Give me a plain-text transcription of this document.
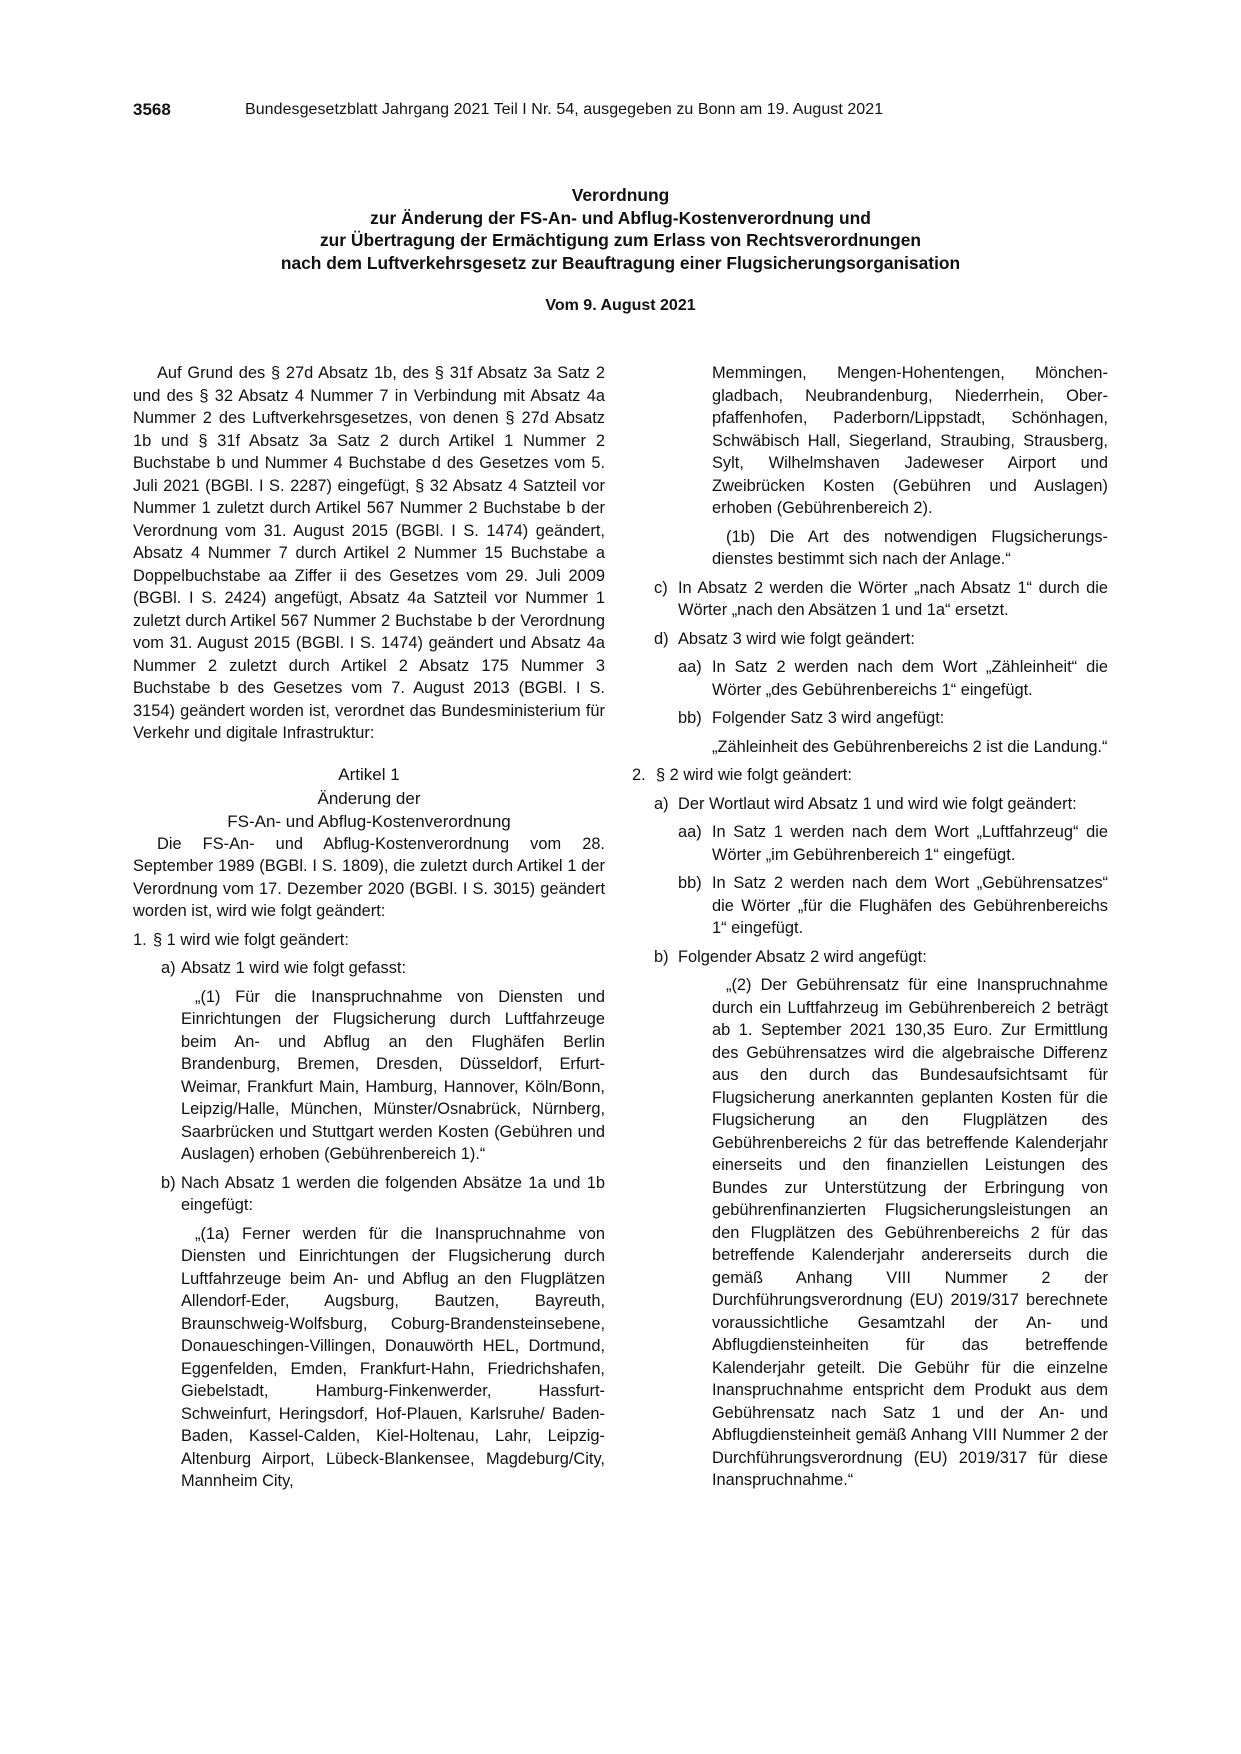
3568	Bundesgesetzblatt Jahrgang 2021 Teil I Nr. 54, ausgegeben zu Bonn am 19. August 2021
Verordnung
zur Änderung der FS-An- und Abflug-Kostenverordnung und
zur Übertragung der Ermächtigung zum Erlass von Rechtsverordnungen
nach dem Luftverkehrsgesetz zur Beauftragung einer Flugsicherungsorganisation
Vom 9. August 2021

Auf Grund des § 27d Absatz 1b, des § 31f Absatz 3a Satz 2 und des § 32 Absatz 4 Nummer 7 in Verbindung mit Absatz 4a Nummer 2 des Luftverkehrsgesetzes, von denen § 27d Absatz 1b und § 31f Absatz 3a Satz 2 durch Artikel 1 Nummer 2 Buchstabe b und Nummer 4 Buchstabe d des Gesetzes vom 5. Juli 2021 (BGBl. I S. 2287) eingefügt, § 32 Absatz 4 Satzteil vor Nummer 1 zuletzt durch Artikel 567 Nummer 2 Buchstabe b der Verordnung vom 31. August 2015 (BGBl. I S. 1474) geändert, Absatz 4 Nummer 7 durch Artikel 2 Nummer 15 Buchstabe a Doppelbuchstabe aa Ziffer ii des Gesetzes vom 29. Juli 2009 (BGBl. I S. 2424) angefügt, Absatz 4a Satzteil vor Nummer 1 zuletzt durch Artikel 567 Nummer 2 Buchstabe b der Verordnung vom 31. August 2015 (BGBl. I S. 1474) geändert und Absatz 4a Nummer 2 zuletzt durch Artikel 2 Absatz 175 Nummer 3 Buchstabe b des Gesetzes vom 7. August 2013 (BGBl. I S. 3154) geändert worden ist, verordnet das Bundesministerium für Verkehr und digitale Infrastruktur:

Artikel 1

Änderung der

FS-An- und Abflug-Kostenverordnung

Die FS-An- und Abflug-Kostenverordnung vom 28. September 1989 (BGBl. I S. 1809), die zuletzt durch Artikel 1 der Verordnung vom 17. Dezember 2020 (BGBl. I S. 3015) geändert worden ist, wird wie folgt geändert:

1. § 1 wird wie folgt geändert:

a) Absatz 1 wird wie folgt gefasst:

„(1) Für die Inanspruchnahme von Diensten und Einrichtungen der Flugsicherung durch Luftfahrzeuge beim An- und Abflug an den Flughäfen Berlin Brandenburg, Bremen, Dresden, Düsseldorf, Erfurt-Weimar, Frankfurt Main, Hamburg, Hannover, Köln/Bonn, Leipzig/Halle, München, Münster/Osnabrück, Nürnberg, Saarbrücken und Stuttgart werden Kosten (Gebühren und Auslagen) erhoben (Gebührenbereich 1).“

b) Nach Absatz 1 werden die folgenden Absätze 1a und 1b eingefügt:

„(1a) Ferner werden für die Inanspruchnahme von Diensten und Einrichtungen der Flugsicherung durch Luftfahrzeuge beim An- und Abflug an den Flugplätzen Allendorf-Eder, Augsburg, Bautzen, Bayreuth, Braunschweig-Wolfsburg, Coburg-Brandensteinsebene, Donaueschingen-Villingen, Donauwörth HEL, Dortmund, Eggenfelden, Emden, Frankfurt-Hahn, Friedrichshafen, Giebelstadt, Hamburg-Finkenwerder, Hassfurt-Schweinfurt, Heringsdorf, Hof-Plauen, Karlsruhe/ Baden-Baden, Kassel-Calden, Kiel-Holtenau, Lahr, Leipzig-Altenburg Airport, Lübeck-Blankensee, Magdeburg/City, Mannheim City,

Memmingen, Mengen-Hohentengen, Mönchengladbach, Neubrandenburg, Niederrhein, Oberpfaffenhofen, Paderborn/Lippstadt, Schönhagen, Schwäbisch Hall, Siegerland, Straubing, Strausberg, Sylt, Wilhelmshaven Jadeweser Airport und Zweibrücken Kosten (Gebühren und Auslagen) erhoben (Gebührenbereich 2).

(1b) Die Art des notwendigen Flugsicherungsdienstes bestimmt sich nach der Anlage.“

c) In Absatz 2 werden die Wörter „nach Absatz 1“ durch die Wörter „nach den Absätzen 1 und 1a“ ersetzt.

d) Absatz 3 wird wie folgt geändert:

aa) In Satz 2 werden nach dem Wort „Zähleinheit“ die Wörter „des Gebührenbereichs 1“ eingefügt.

bb) Folgender Satz 3 wird angefügt:

„Zähleinheit des Gebührenbereichs 2 ist die Landung.“

2. § 2 wird wie folgt geändert:

a) Der Wortlaut wird Absatz 1 und wird wie folgt geändert:

aa) In Satz 1 werden nach dem Wort „Luftfahrzeug“ die Wörter „im Gebührenbereich 1“ eingefügt.

bb) In Satz 2 werden nach dem Wort „Gebührensatzes“ die Wörter „für die Flughäfen des Gebührenbereichs 1“ eingefügt.

b) Folgender Absatz 2 wird angefügt:

„(2) Der Gebührensatz für eine Inanspruchnahme durch ein Luftfahrzeug im Gebührenbereich 2 beträgt ab 1. September 2021 130,35 Euro. Zur Ermittlung des Gebührensatzes wird die algebraische Differenz aus den durch das Bundesaufsichtsamt für Flugsicherung anerkannten geplanten Kosten für die Flugsicherung an den Flugplätzen des Gebührenbereichs 2 für das betreffende Kalenderjahr einerseits und den finanziellen Leistungen des Bundes zur Unterstützung der Erbringung von gebührenfinanzierten Flugsicherungsleistungen an den Flugplätzen des Gebührenbereichs 2 für das betreffende Kalenderjahr andererseits durch die gemäß Anhang VIII Nummer 2 der Durchführungsverordnung (EU) 2019/317 berechnete voraussichtliche Gesamtzahl der An- und Abflugdiensteinheiten für das betreffende Kalenderjahr geteilt. Die Gebühr für die einzelne Inanspruchnahme entspricht dem Produkt aus dem Gebührensatz nach Satz 1 und der An- und Abflugdiensteinheit gemäß Anhang VIII Nummer 2 der Durchführungsverordnung (EU) 2019/317 für diese Inanspruchnahme.“
